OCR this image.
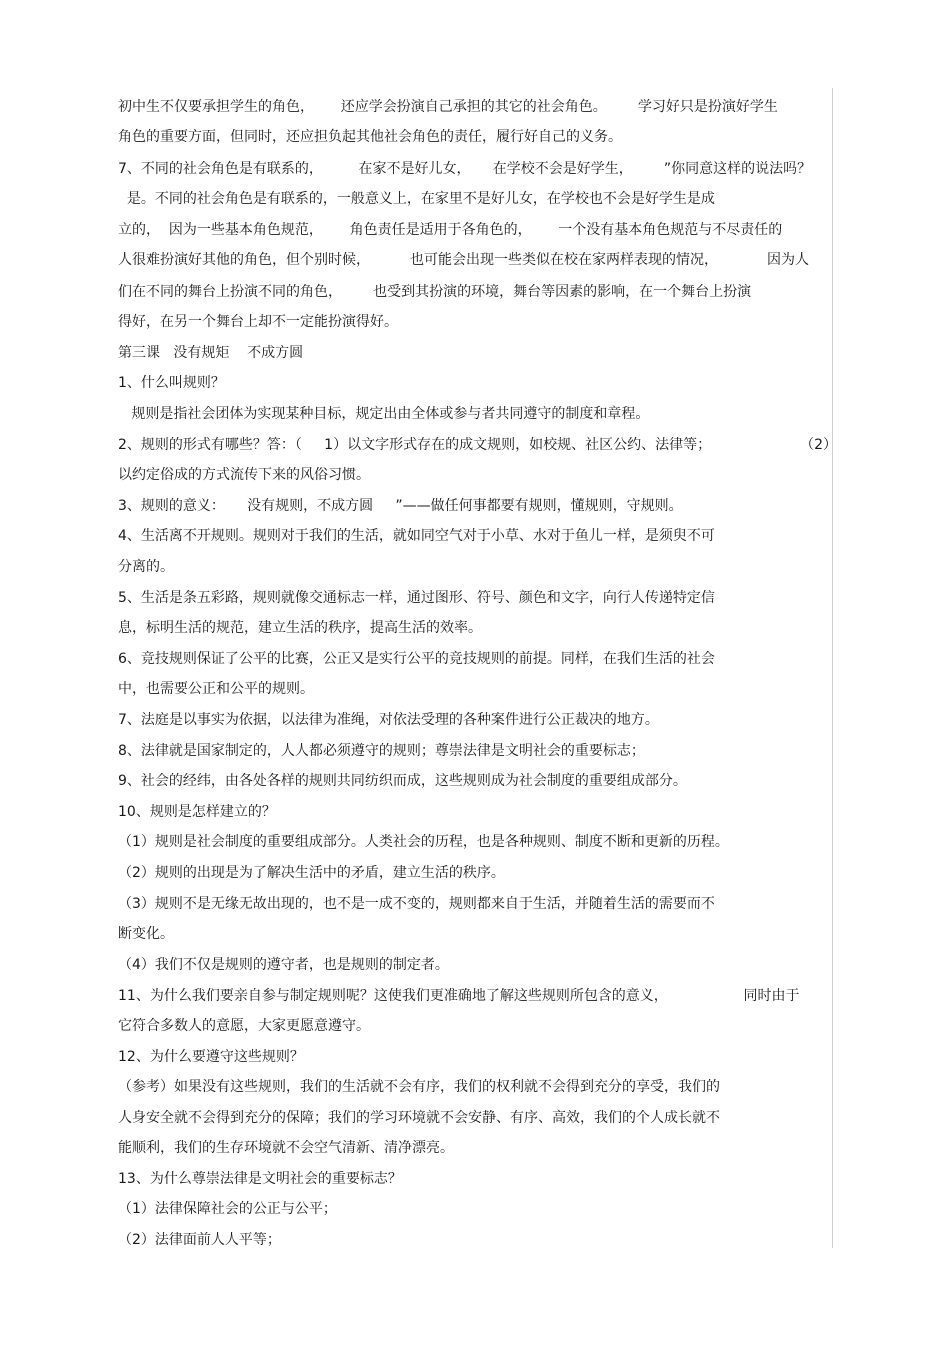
初中生不仅要承担学生的角色，      还应学会扮演自己承担的其它的社会角色。       学习好只是扮演好学生

角色的重要方面，但同时，还应担负起其他社会角色的责任，履行好自己的义务。

7、不同的社会角色是有联系的，        在家不是好儿女，     在学校不会是好学生，       ”你同意这样的说法吗？

是。不同的社会角色是有联系的，一般意义上，在家里不是好儿女，在学校也不会是好学生是成

立的，  因为一些基本角色规范，      角色责任是适用于各角色的，      一个没有基本角色规范与不尽责任的

人很难扮演好其他的角色，但个别时候，         也可能会出现一些类似在校在家两样表现的情况，           因为人

们在不同的舞台上扮演不同的角色，       也受到其扮演的环境，舞台等因素的影响，在一个舞台上扮演

得好，在另一个舞台上却不一定能扮演得好。

第三课   没有规矩    不成方圆

1、什么叫规则？

规则是指社会团体为实现某种目标，规定出由全体或参与者共同遵守的制度和章程。

2、规则的形式有哪些？答：（     1）以文字形式存在的成文规则，如校规、社区公约、法律等；                    （2）

以约定俗成的方式流传下来的风俗习惯。

3、规则的意义：     没有规则，不成方圆     ”——做任何事都要有规则，懂规则，守规则。

4、生活离不开规则。规则对于我们的生活，就如同空气对于小草、水对于鱼儿一样，是须臾不可

分离的。

5、生活是条五彩路，规则就像交通标志一样，通过图形、符号、颜色和文字，向行人传递特定信

息，标明生活的规范，建立生活的秩序，提高生活的效率。

6、竞技规则保证了公平的比赛，公正又是实行公平的竞技规则的前提。同样，在我们生活的社会

中，也需要公正和公平的规则。

7、法庭是以事实为依据，以法律为准绳，对依法受理的各种案件进行公正裁决的地方。

8、法律就是国家制定的，人人都必须遵守的规则；尊崇法律是文明社会的重要标志；

9、社会的经纬，由各处各样的规则共同纺织而成，这些规则成为社会制度的重要组成部分。

10、规则是怎样建立的？

（1）规则是社会制度的重要组成部分。人类社会的历程，也是各种规则、制度不断和更新的历程。

（2）规则的出现是为了解决生活中的矛盾，建立生活的秩序。

（3）规则不是无缘无故出现的，也不是一成不变的，规则都来自于生活，并随着生活的需要而不

断变化。

（4）我们不仅是规则的遵守者，也是规则的制定者。

11、为什么我们要亲自参与制定规则呢？这使我们更准确地了解这些规则所包含的意义，                 同时由于

它符合多数人的意愿，大家更愿意遵守。

12、为什么要遵守这些规则？

（参考）如果没有这些规则，我们的生活就不会有序，我们的权利就不会得到充分的享受，我们的

人身安全就不会得到充分的保障；我们的学习环境就不会安静、有序、高效，我们的个人成长就不

能顺利，我们的生存环境就不会空气清新、清净漂亮。

13、为什么尊崇法律是文明社会的重要标志？

（1）法律保障社会的公正与公平；

（2）法律面前人人平等；
